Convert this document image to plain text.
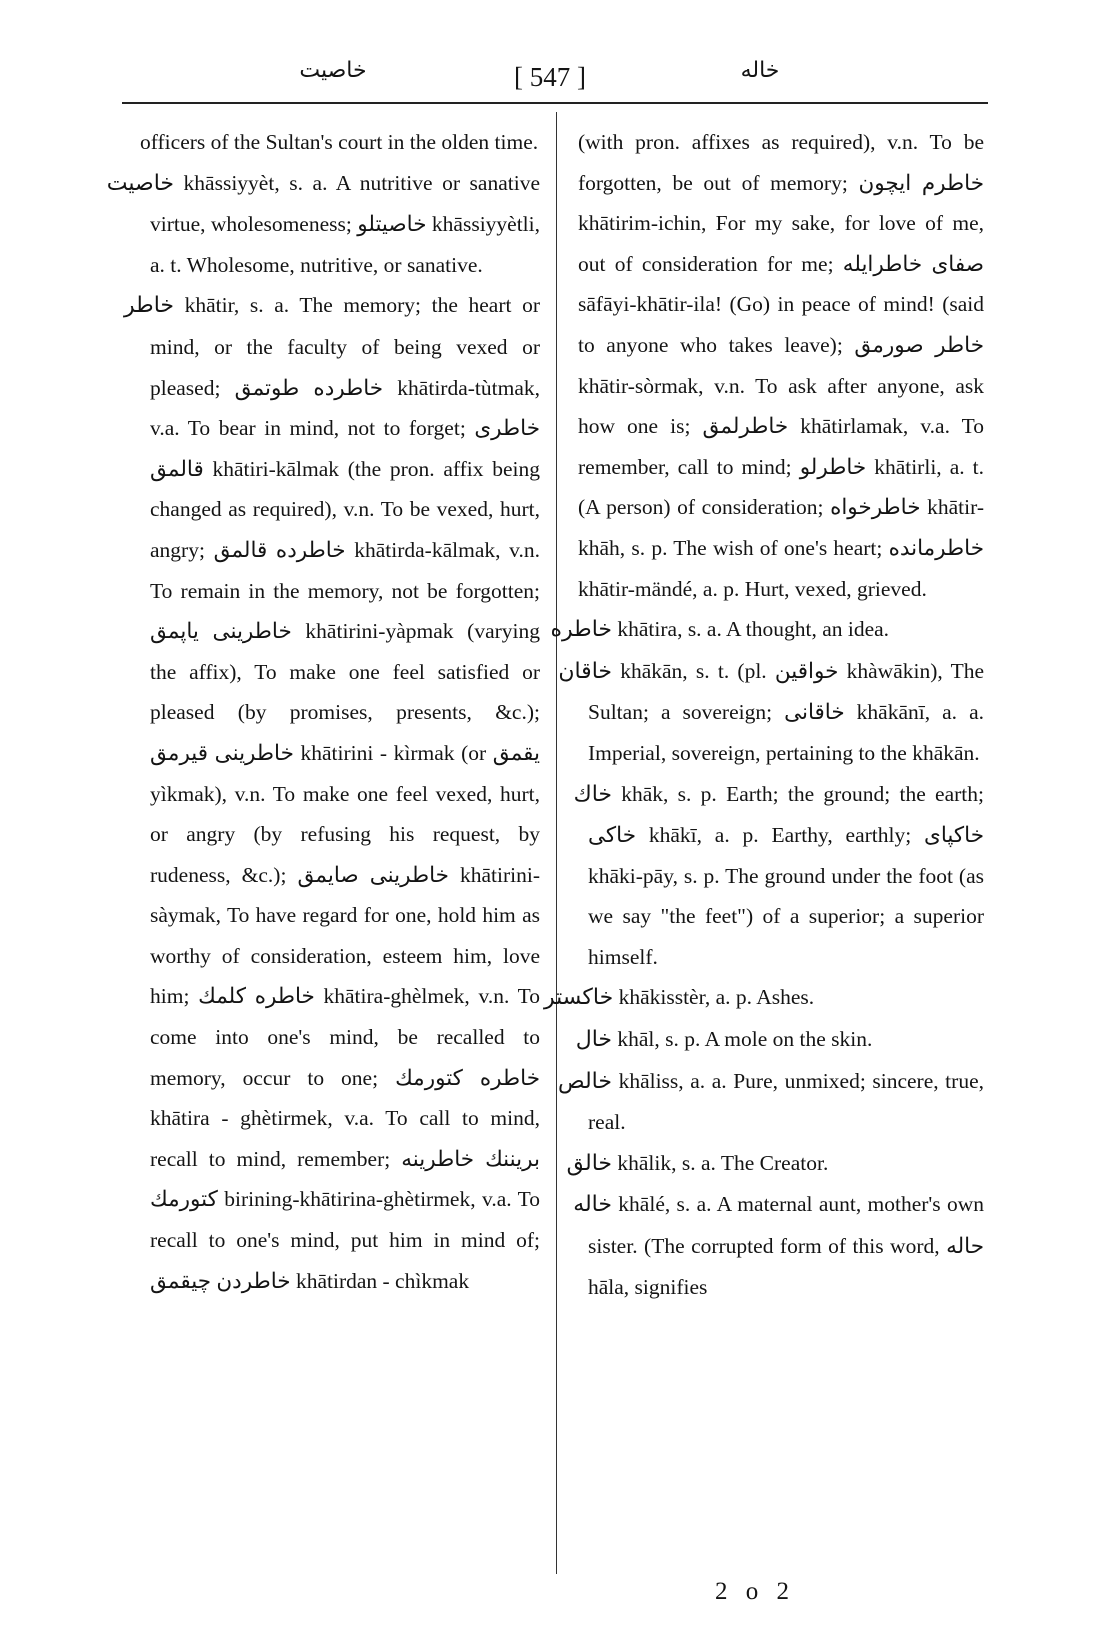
خاصيت	[ 547 ]	خاله

officers of the Sultan's court in the olden time.

خاصيت khāssiyyèt, s. a. A nutritive or sanative virtue, wholesomeness; خاصيتلو khāssiyyètli, a. t. Wholesome, nutritive, or sanative.

خاطر khātir, s. a. The memory; the heart or mind, or the faculty of being vexed or pleased; خاطرده طوتمق khātirda-tùtmak, v.a. To bear in mind, not to forget; خاطری قالمق khātiri-kālmak (the pron. affix being changed as required), v.n. To be vexed, hurt, angry; خاطرده قالمق khātirda-kālmak, v.n. To remain in the memory, not be forgotten; خاطرینی یاپمق khātirini-yàpmak (varying the affix), To make one feel satisfied or pleased (by promises, presents, &c.); خاطرینی قیرمق khātirini - kìrmak (or یقمق yìkmak), v.n. To make one feel vexed, hurt, or angry (by refusing his request, by rudeness, &c.); خاطرینی صایمق khātirini-sàymak, To have regard for one, hold him as worthy of consideration, esteem him, love him; خاطره کلمك khātira-ghèlmek, v.n. To come into one's mind, be recalled to memory, occur to one; خاطره کتورمك khātira - ghètirmek, v.a. To call to mind, recall to mind, remember; بریننك خاطرینه کتورمك birining-khātirina-ghètirmek, v.a. To recall to one's mind, put him in mind of; خاطردن چیقمق khātirdan - chìkmak

(with pron. affixes as required), v.n. To be forgotten, be out of memory; خاطرم ایچون khātirim-ichin, For my sake, for love of me, out of consideration for me; صفای خاطرایله sāfāyi-khātir-ila! (Go) in peace of mind! (said to anyone who takes leave); خاطر صورمق khātir-sòrmak, v.n. To ask after anyone, ask how one is; خاطرلمق khātirlamak, v.a. To remember, call to mind; خاطرلو khātirli, a. t. (A person) of consideration; خاطرخواه khātir-khāh, s. p. The wish of one's heart; خاطرمانده khātir-mändé, a. p. Hurt, vexed, grieved.

خاطره khātira, s. a. A thought, an idea.

خاقان khākān, s. t. (pl. خواقین khàwākin), The Sultan; a sovereign; خاقانی khākānī, a. a. Imperial, sovereign, pertaining to the khākān.

خاك khāk, s. p. Earth; the ground; the earth; خاکی khākī, a. p. Earthy, earthly; خاکپای khāki-pāy, s. p. The ground under the foot (as we say "the feet") of a superior; a superior himself.

خاکستر khākisstèr, a. p. Ashes.

خال khāl, s. p. A mole on the skin.

خالص khāliss, a. a. Pure, unmixed; sincere, true, real.

خالق khālik, s. a. The Creator.

خاله khālé, s. a. A maternal aunt, mother's own sister. (The corrupted form of this word, حاله hāla, signifies

2 o 2
